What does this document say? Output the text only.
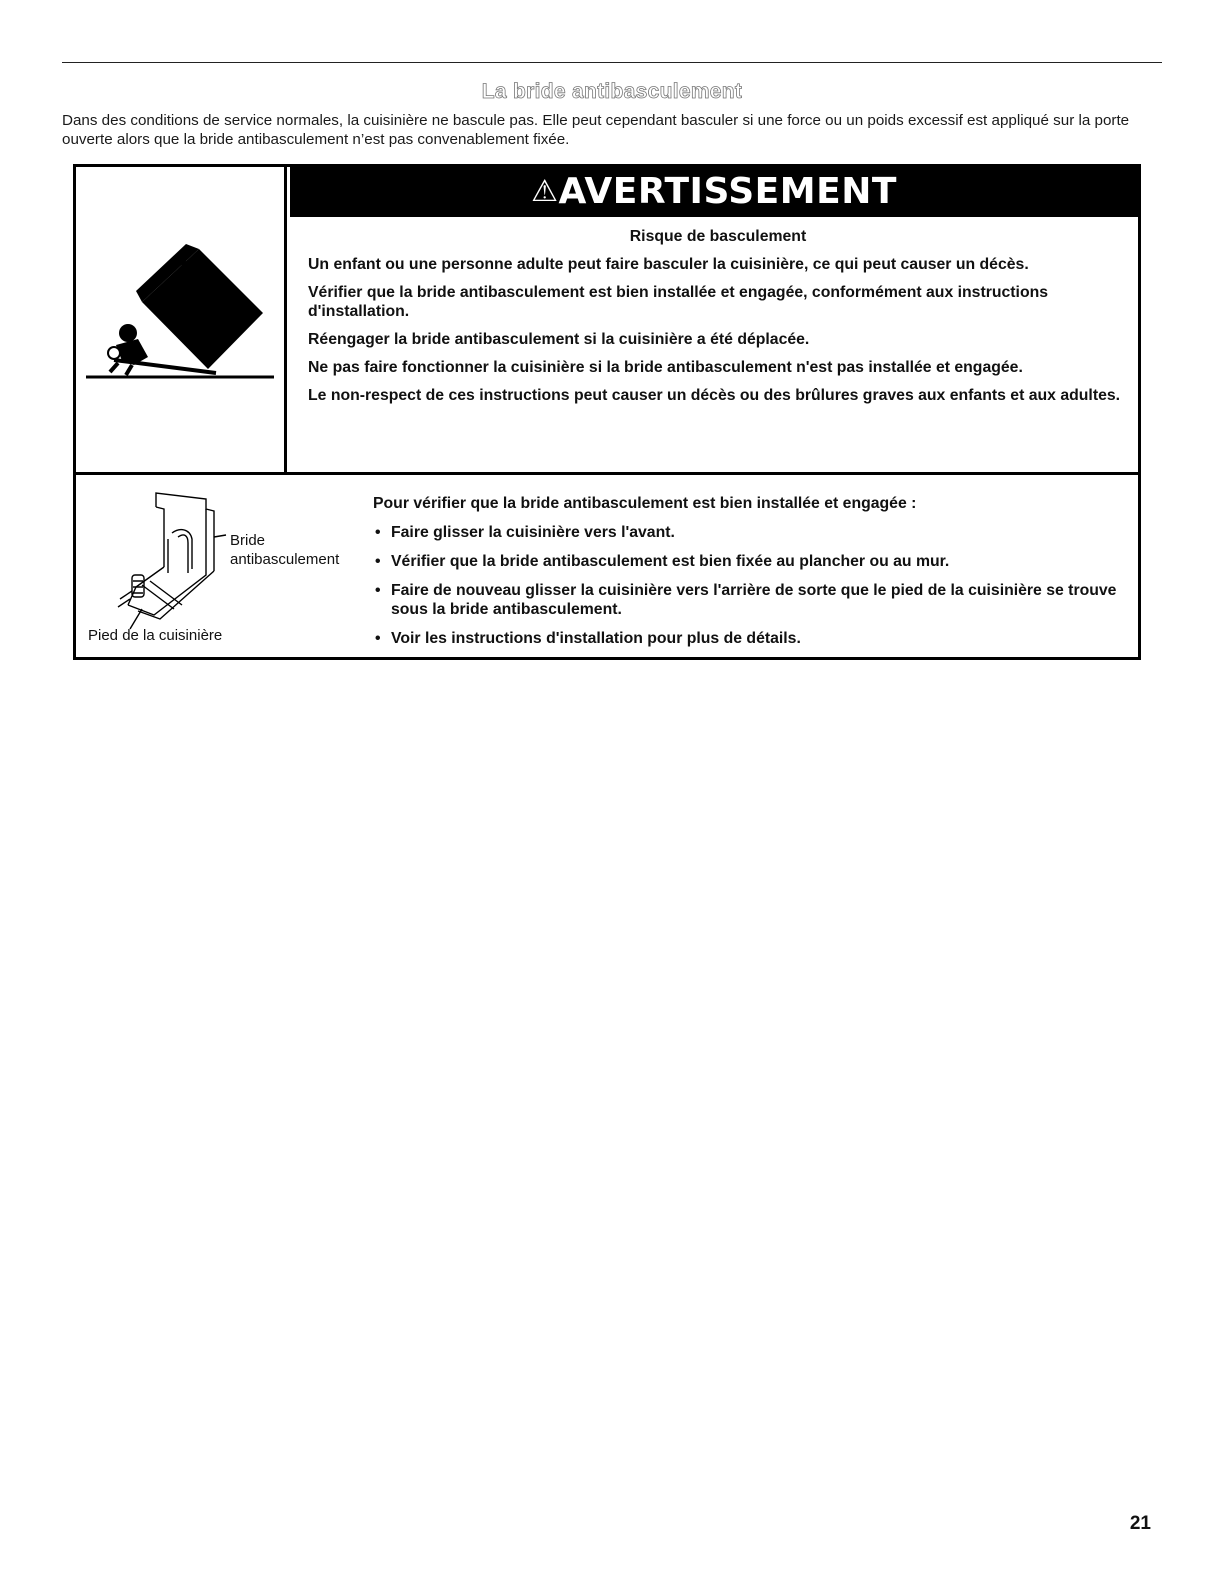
La bride antibasculement
Dans des conditions de service normales, la cuisinière ne bascule pas. Elle peut cependant basculer si une force ou un poids excessif est appliqué sur la porte ouverte alors que la bride antibasculement n’est pas convenablement fixée.
⚠AVERTISSEMENT

Risque de basculement

Un enfant ou une personne adulte peut faire basculer la cuisinière, ce qui peut causer un décès.

Vérifier que la bride antibasculement est bien installée et engagée, conformément aux instructions d'installation.

Réengager la bride antibasculement si la cuisinière a été déplacée.

Ne pas faire fonctionner la cuisinière si la bride antibasculement n'est pas installée et engagée.

Le non-respect de ces instructions peut causer un décès ou des brûlures graves aux enfants et aux adultes.

Bride
antibasculement
Pied de la cuisinière

Pour vérifier que la bride antibasculement est bien installée et engagée :

• Faire glisser la cuisinière vers l'avant.
• Vérifier que la bride antibasculement est bien fixée au plancher ou au mur.
• Faire de nouveau glisser la cuisinière vers l'arrière de sorte que le pied de la cuisinière se trouve sous la bride antibasculement.
• Voir les instructions d'installation pour plus de détails.
21
